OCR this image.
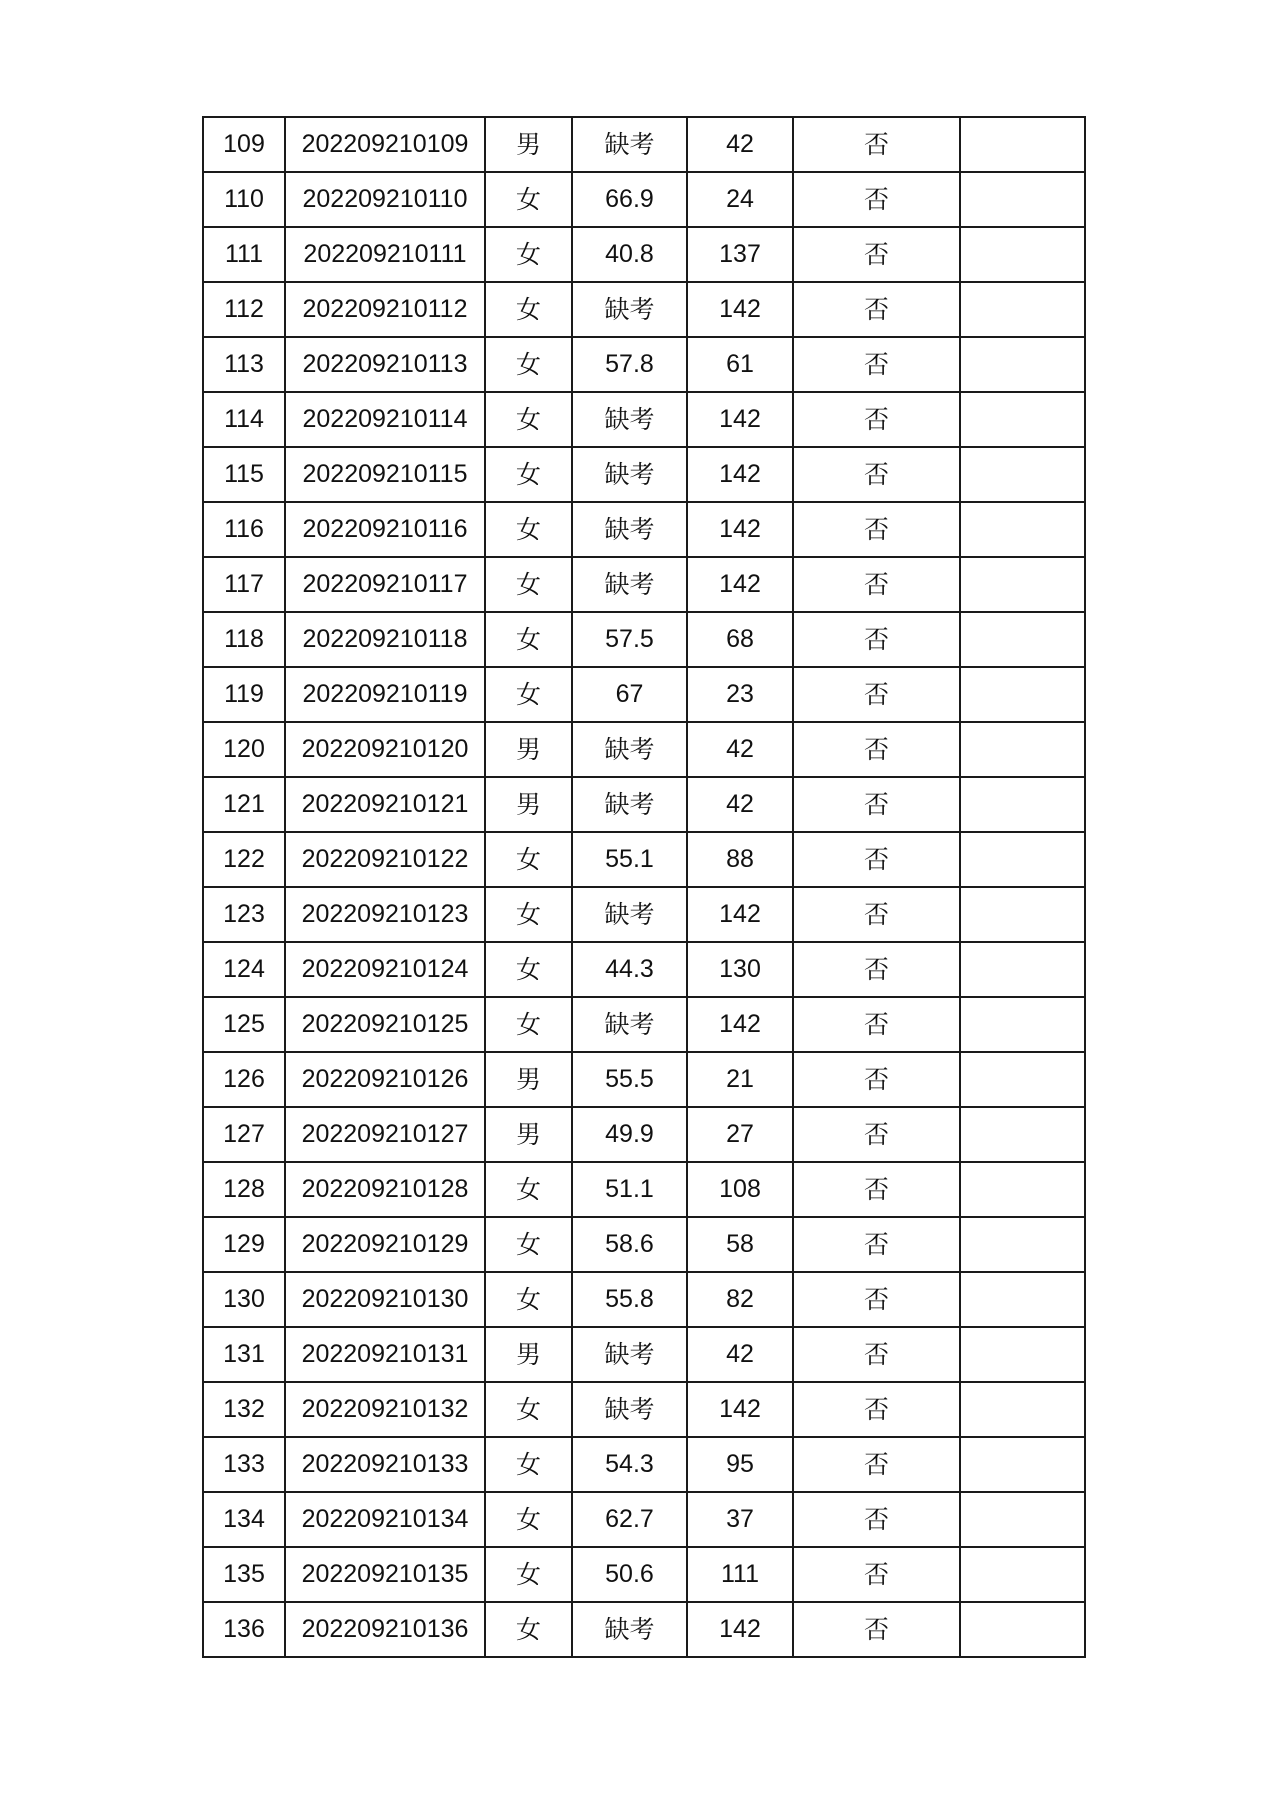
109	202209210109	男	缺考	42	否	
110	202209210110	女	66.9	24	否	
111	202209210111	女	40.8	137	否	
112	202209210112	女	缺考	142	否	
113	202209210113	女	57.8	61	否	
114	202209210114	女	缺考	142	否	
115	202209210115	女	缺考	142	否	
116	202209210116	女	缺考	142	否	
117	202209210117	女	缺考	142	否	
118	202209210118	女	57.5	68	否	
119	202209210119	女	67	23	否	
120	202209210120	男	缺考	42	否	
121	202209210121	男	缺考	42	否	
122	202209210122	女	55.1	88	否	
123	202209210123	女	缺考	142	否	
124	202209210124	女	44.3	130	否	
125	202209210125	女	缺考	142	否	
126	202209210126	男	55.5	21	否	
127	202209210127	男	49.9	27	否	
128	202209210128	女	51.1	108	否	
129	202209210129	女	58.6	58	否	
130	202209210130	女	55.8	82	否	
131	202209210131	男	缺考	42	否	
132	202209210132	女	缺考	142	否	
133	202209210133	女	54.3	95	否	
134	202209210134	女	62.7	37	否	
135	202209210135	女	50.6	111	否	
136	202209210136	女	缺考	142	否	
